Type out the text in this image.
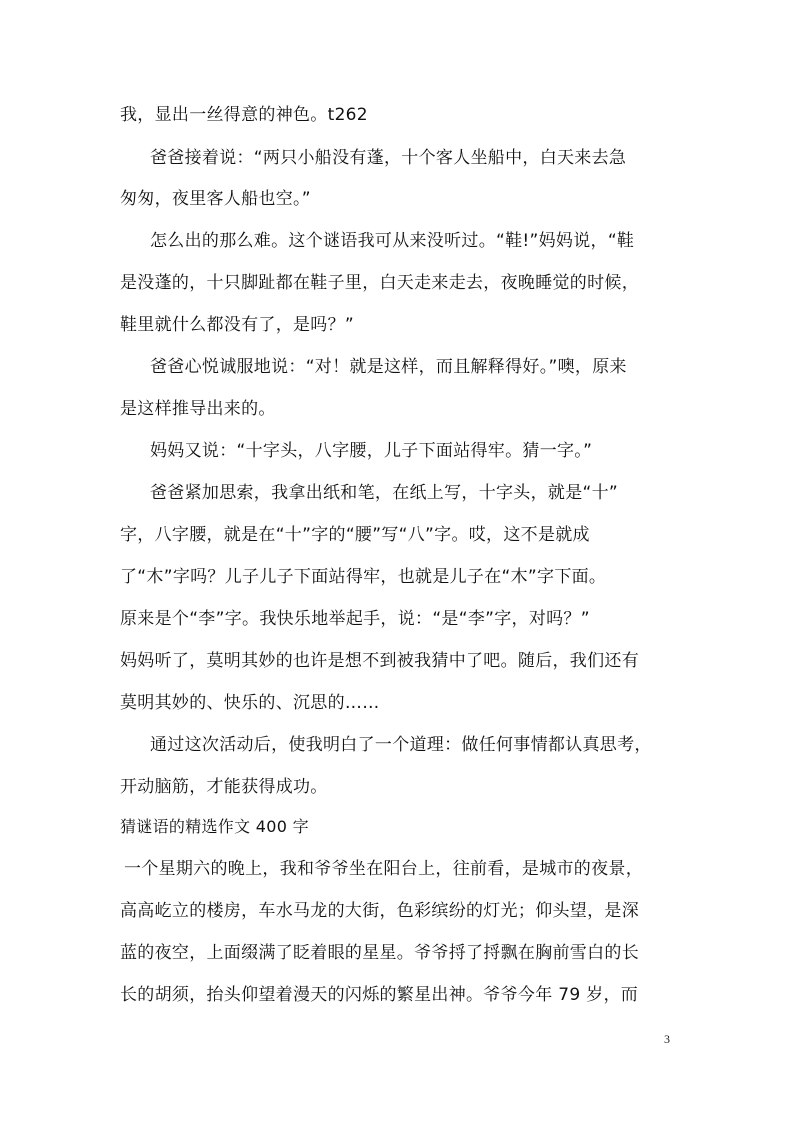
我，显出一丝得意的神色。t262

爸爸接着说：“两只小船没有蓬，十个客人坐船中，白天来去急

匆匆，夜里客人船也空。”

怎么出的那么难。这个谜语我可从来没听过。“鞋!”妈妈说，“鞋

是没蓬的，十只脚趾都在鞋子里，白天走来走去，夜晚睡觉的时候，

鞋里就什么都没有了，是吗？”

爸爸心悦诚服地说：“对！就是这样，而且解释得好。”噢，原来

是这样推导出来的。

妈妈又说：“十字头，八字腰，儿子下面站得牢。猜一字。”

爸爸紧加思索，我拿出纸和笔，在纸上写，十字头，就是“十”

字，八字腰，就是在“十”字的“腰”写“八”字。哎，这不是就成

了“木”字吗？儿子儿子下面站得牢，也就是儿子在“木”字下面。

原来是个“李”字。我快乐地举起手，说：“是“李”字，对吗？”

妈妈听了，莫明其妙的也许是想不到被我猜中了吧。随后，我们还有

莫明其妙的、快乐的、沉思的……

通过这次活动后，使我明白了一个道理：做任何事情都认真思考，

开动脑筋，才能获得成功。

猜谜语的精选作文 400 字

一个星期六的晚上，我和爷爷坐在阳台上，往前看，是城市的夜景，

高高屹立的楼房，车水马龙的大街，色彩缤纷的灯光；仰头望，是深

蓝的夜空，上面缀满了眨着眼的星星。爷爷捋了捋飘在胸前雪白的长

长的胡须，抬头仰望着漫天的闪烁的繁星出神。爷爷今年 79 岁，而

3
